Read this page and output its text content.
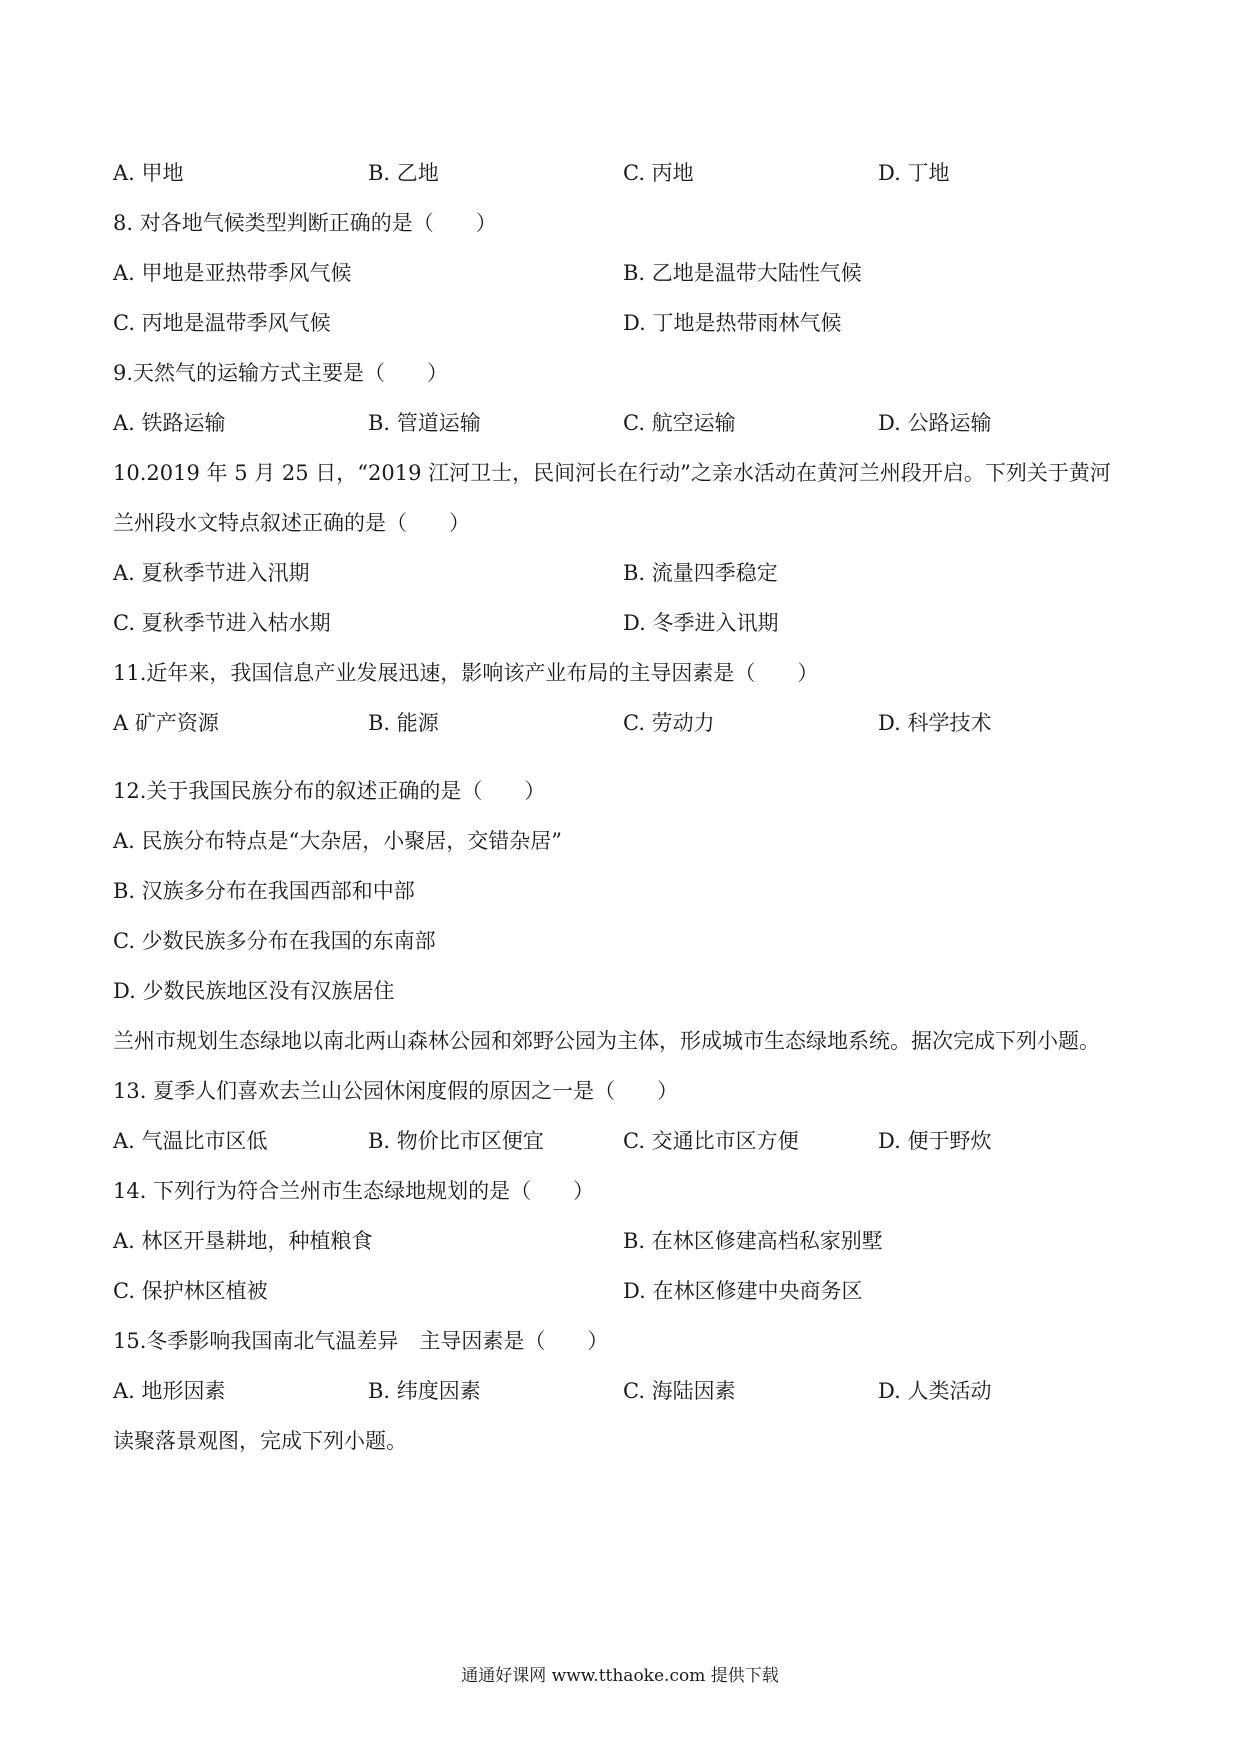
A. 甲地	B. 乙地	C. 丙地	D. 丁地
8. 对各地气候类型判断正确的是（　　）
A. 甲地是亚热带季风气候	B. 乙地是温带大陆性气候
C. 丙地是温带季风气候	D. 丁地是热带雨林气候
9.天然气的运输方式主要是（　　）
A. 铁路运输	B. 管道运输	C. 航空运输	D. 公路运输
10.2019 年 5 月 25 日，“2019 江河卫士，民间河长在行动”之亲水活动在黄河兰州段开启。下列关于黄河
兰州段水文特点叙述正确的是（　　）
A. 夏秋季节进入汛期	B. 流量四季稳定
C. 夏秋季节进入枯水期	D. 冬季进入讯期
11.近年来，我国信息产业发展迅速，影响该产业布局的主导因素是（　　）
A 矿产资源	B. 能源	C. 劳动力	D. 科学技术
12.关于我国民族分布的叙述正确的是（　　）
A. 民族分布特点是“大杂居，小聚居，交错杂居”
B. 汉族多分布在我国西部和中部
C. 少数民族多分布在我国的东南部
D. 少数民族地区没有汉族居住
兰州市规划生态绿地以南北两山森林公园和郊野公园为主体，形成城市生态绿地系统。据次完成下列小题。
13. 夏季人们喜欢去兰山公园休闲度假的原因之一是（　　）
A. 气温比市区低	B. 物价比市区便宜	C. 交通比市区方便	D. 便于野炊
14. 下列行为符合兰州市生态绿地规划的是（　　）
A. 林区开垦耕地，种植粮食	B. 在林区修建高档私家别墅
C. 保护林区植被	D. 在林区修建中央商务区
15.冬季影响我国南北气温差异　主导因素是（　　）
A. 地形因素	B. 纬度因素	C. 海陆因素	D. 人类活动
读聚落景观图，完成下列小题。
通通好课网 www.tthaoke.com 提供下载
